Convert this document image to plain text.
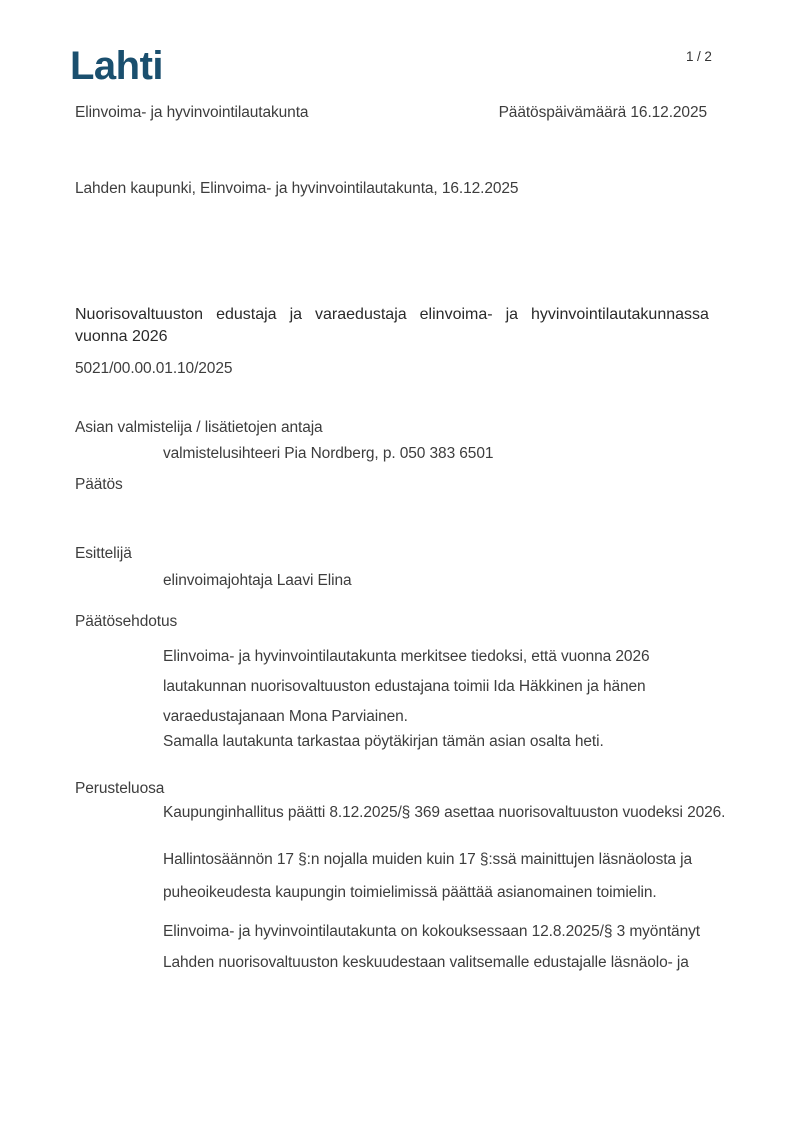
Lahti	1 / 2
Elinvoima- ja hyvinvointilautakunta	Päätöspäivämäärä 16.12.2025
Lahden kaupunki, Elinvoima- ja hyvinvointilautakunta, 16.12.2025
Nuorisovaltuuston edustaja ja varaedustaja elinvoima- ja hyvinvointilautakunnassa
vuonna 2026
5021/00.00.01.10/2025
Asian valmistelija / lisätietojen antaja
valmistelusihteeri Pia Nordberg, p. 050 383 6501
Päätös
Esittelijä
elinvoimajohtaja Laavi Elina
Päätösehdotus
Elinvoima- ja hyvinvointilautakunta merkitsee tiedoksi, että vuonna 2026
lautakunnan nuorisovaltuuston edustajana toimii Ida Häkkinen ja hänen
varaedustajanaan Mona Parviainen.
Samalla lautakunta tarkastaa pöytäkirjan tämän asian osalta heti.
Perusteluosa
Kaupunginhallitus päätti 8.12.2025/§ 369 asettaa nuorisovaltuuston vuodeksi 2026.
Hallintosäännön 17 §:n nojalla muiden kuin 17 §:ssä mainittujen läsnäolosta ja
puheoikeudesta kaupungin toimielimissä päättää asianomainen toimielin.
Elinvoima- ja hyvinvointilautakunta on kokouksessaan 12.8.2025/§ 3 myöntänyt
Lahden nuorisovaltuuston keskuudestaan valitsemalle edustajalle läsnäolo- ja
